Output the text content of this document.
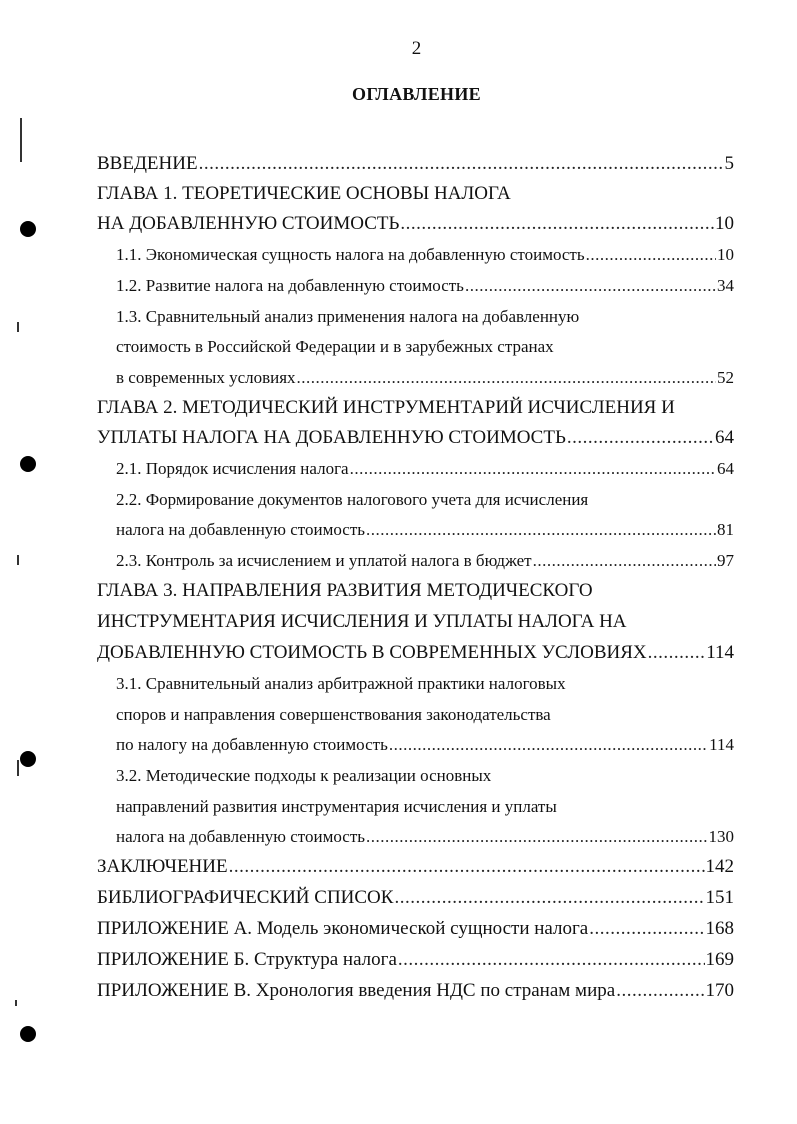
2
ОГЛАВЛЕНИЕ
ВВЕДЕНИЕ .....	5
ГЛАВА 1. ТЕОРЕТИЧЕСКИЕ ОСНОВЫ НАЛОГА
НА ДОБАВЛЕННУЮ СТОИМОСТЬ .....	10
1.1. Экономическая сущность налога на добавленную стоимость .....	10
1.2. Развитие налога на добавленную стоимость .....	34
1.3. Сравнительный анализ применения налога на добавленную
стоимость в Российской Федерации и в зарубежных странах
в современных условиях .....	52
ГЛАВА 2. МЕТОДИЧЕСКИЙ ИНСТРУМЕНТАРИЙ ИСЧИСЛЕНИЯ И
УПЛАТЫ НАЛОГА НА ДОБАВЛЕННУЮ СТОИМОСТЬ .....	64
2.1. Порядок исчисления налога .....	64
2.2. Формирование документов налогового учета для исчисления
налога на добавленную стоимость .....	81
2.3. Контроль за исчислением и уплатой налога в бюджет .....	97
ГЛАВА 3. НАПРАВЛЕНИЯ РАЗВИТИЯ МЕТОДИЧЕСКОГО
ИНСТРУМЕНТАРИЯ ИСЧИСЛЕНИЯ И УПЛАТЫ НАЛОГА НА
ДОБАВЛЕННУЮ СТОИМОСТЬ В СОВРЕМЕННЫХ УСЛОВИЯХ .....	114
3.1. Сравнительный анализ арбитражной практики налоговых
споров и направления совершенствования законодательства
по налогу на добавленную стоимость .....	114
3.2. Методические подходы к реализации основных
направлений развития инструментария исчисления и уплаты
налога на добавленную стоимость .....	130
ЗАКЛЮЧЕНИЕ .....	142
БИБЛИОГРАФИЧЕСКИЙ СПИСОК .....	151
ПРИЛОЖЕНИЕ А. Модель экономической сущности налога .....	168
ПРИЛОЖЕНИЕ Б. Структура налога .....	169
ПРИЛОЖЕНИЕ В. Хронология введения НДС по странам мира .....	170
